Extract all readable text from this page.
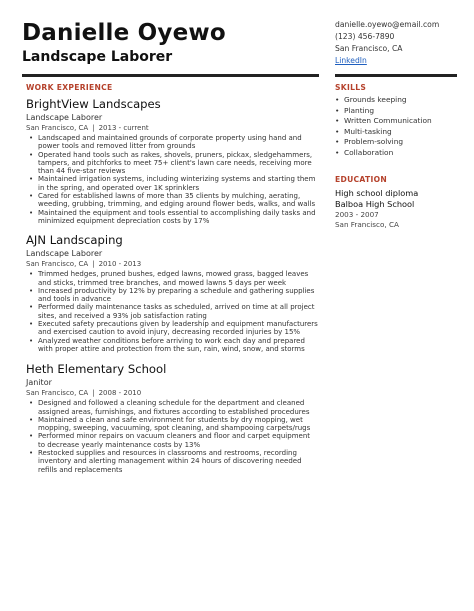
Danielle Oyewo
Landscape Laborer
danielle.oyewo@email.com
(123) 456-7890
San Francisco, CA
LinkedIn
WORK EXPERIENCE
BrightView Landscapes
Landscape Laborer
San Francisco, CA | 2013 - current
• Landscaped and maintained grounds of corporate property using hand and power tools and removed litter from grounds
• Operated hand tools such as rakes, shovels, pruners, pickax, sledgehammers, tampers, and pitchforks to meet 75+ client's lawn care needs, receiving more than 44 five-star reviews
• Maintained irrigation systems, including winterizing systems and starting them in the spring, and operated over 1K sprinklers
• Cared for established lawns of more than 35 clients by mulching, aerating, weeding, grubbing, trimming, and edging around flower beds, walks, and walls
• Maintained the equipment and tools essential to accomplishing daily tasks and minimized equipment depreciation costs by 17%
AJN Landscaping
Landscape Laborer
San Francisco, CA | 2010 - 2013
• Trimmed hedges, pruned bushes, edged lawns, mowed grass, bagged leaves and sticks, trimmed tree branches, and mowed lawns 5 days per week
• Increased productivity by 12% by preparing a schedule and gathering supplies and tools in advance
• Performed daily maintenance tasks as scheduled, arrived on time at all project sites, and received a 93% job satisfaction rating
• Executed safety precautions given by leadership and equipment manufacturers and exercised caution to avoid injury, decreasing recorded injuries by 15%
• Analyzed weather conditions before arriving to work each day and prepared with proper attire and protection from the sun, rain, wind, snow, and storms
Heth Elementary School
Janitor
San Francisco, CA | 2008 - 2010
• Designed and followed a cleaning schedule for the department and cleaned assigned areas, furnishings, and fixtures according to established procedures
• Maintained a clean and safe environment for students by dry mopping, wet mopping, sweeping, vacuuming, spot cleaning, and shampooing carpets/rugs
• Performed minor repairs on vacuum cleaners and floor and carpet equipment to decrease yearly maintenance costs by 13%
• Restocked supplies and resources in classrooms and restrooms, recording inventory and alerting management within 24 hours of discovering needed refills and replacements
SKILLS
• Grounds keeping
• Planting
• Written Communication
• Multi-tasking
• Problem-solving
• Collaboration
EDUCATION
High school diploma
Balboa High School
2003 - 2007
San Francisco, CA
